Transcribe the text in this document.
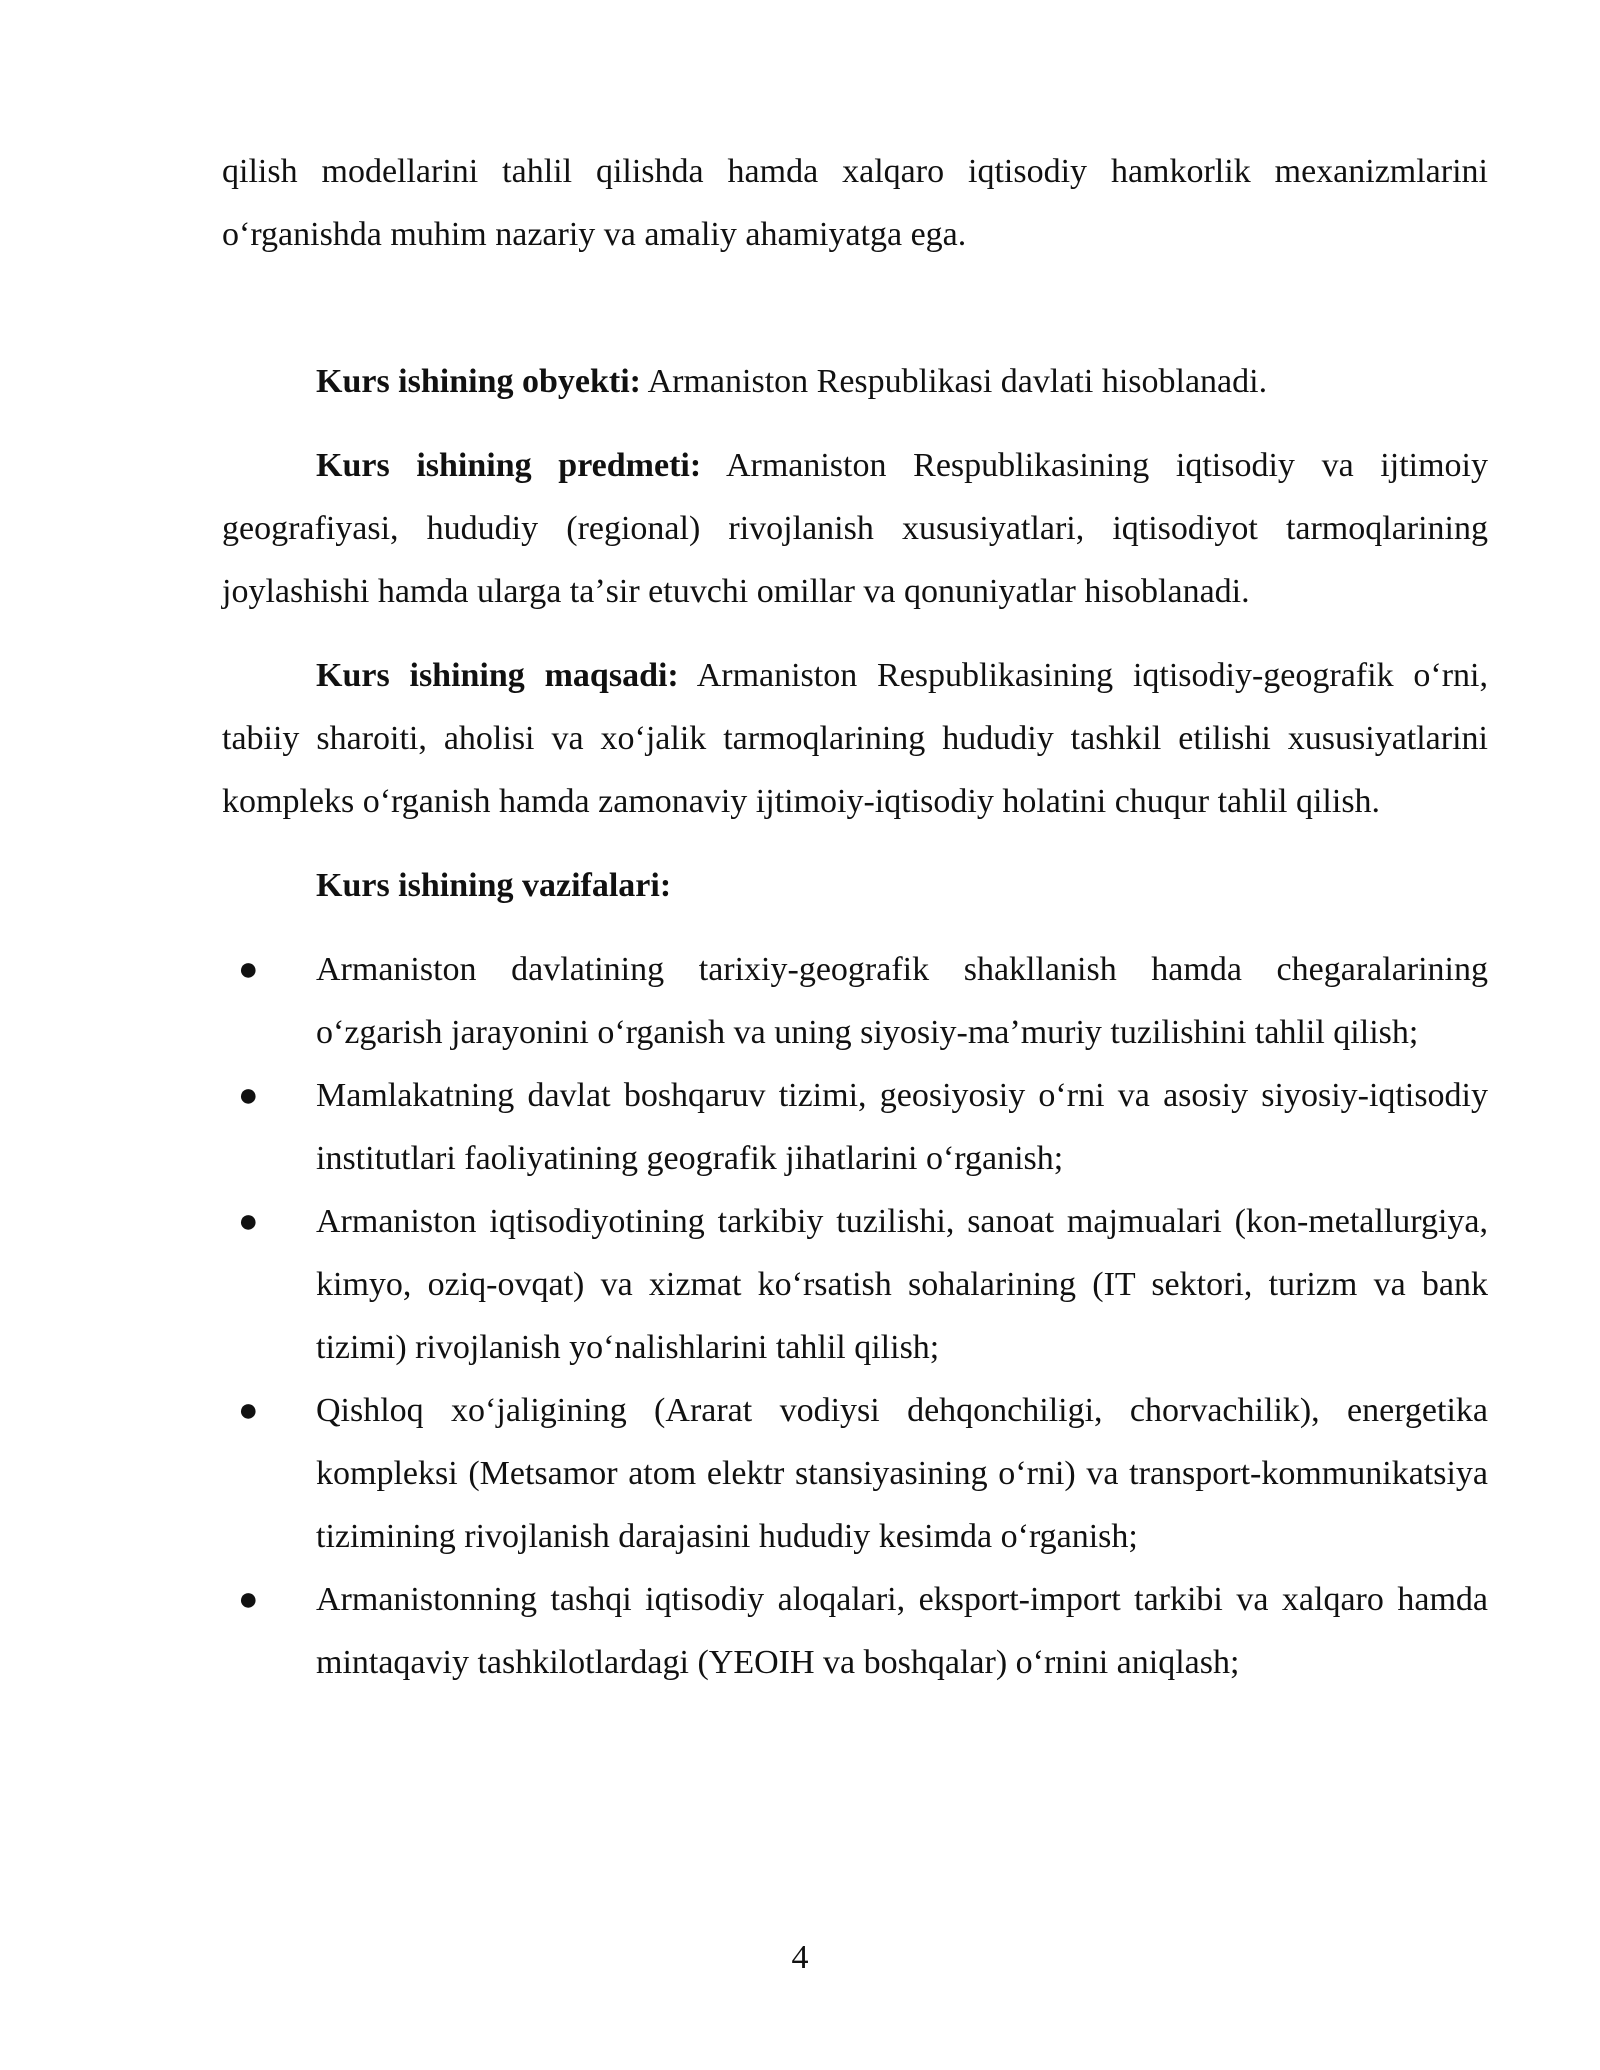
qilish modellarini tahlil qilishda hamda xalqaro iqtisodiy hamkorlik mexanizmlarini oʻrganishda muhim nazariy va amaliy ahamiyatga ega.

Kurs ishining obyekti: Armaniston Respublikasi davlati hisoblanadi.

Kurs ishining predmeti: Armaniston Respublikasining iqtisodiy va ijtimoiy geografiyasi, hududiy (regional) rivojlanish xususiyatlari, iqtisodiyot tarmoqlarining joylashishi hamda ularga taʼsir etuvchi omillar va qonuniyatlar hisoblanadi.

Kurs ishining maqsadi: Armaniston Respublikasining iqtisodiy-geografik oʻrni, tabiiy sharoiti, aholisi va xoʻjalik tarmoqlarining hududiy tashkil etilishi xususiyatlarini kompleks oʻrganish hamda zamonaviy ijtimoiy-iqtisodiy holatini chuqur tahlil qilish.

Kurs ishining vazifalari:

● Armaniston davlatining tarixiy-geografik shakllanish hamda chegaralarining oʻzgarish jarayonini oʻrganish va uning siyosiy-maʼmuriy tuzilishini tahlil qilish;
● Mamlakatning davlat boshqaruv tizimi, geosiyosiy oʻrni va asosiy siyosiy-iqtisodiy institutlari faoliyatining geografik jihatlarini oʻrganish;
● Armaniston iqtisodiyotining tarkibiy tuzilishi, sanoat majmualari (kon-metallurgiya, kimyo, oziq-ovqat) va xizmat koʻrsatish sohalarining (IT sektori, turizm va bank tizimi) rivojlanish yoʻnalishlarini tahlil qilish;
● Qishloq xoʻjaligining (Ararat vodiysi dehqonchiligi, chorvachilik), energetika kompleksi (Metsamor atom elektr stansiyasining oʻrni) va transport-kommunikatsiya tizimining rivojlanish darajasini hududiy kesimda oʻrganish;
● Armanistonning tashqi iqtisodiy aloqalari, eksport-import tarkibi va xalqaro hamda mintaqaviy tashkilotlardagi (YEOIH va boshqalar) oʻrnini aniqlash;
4
